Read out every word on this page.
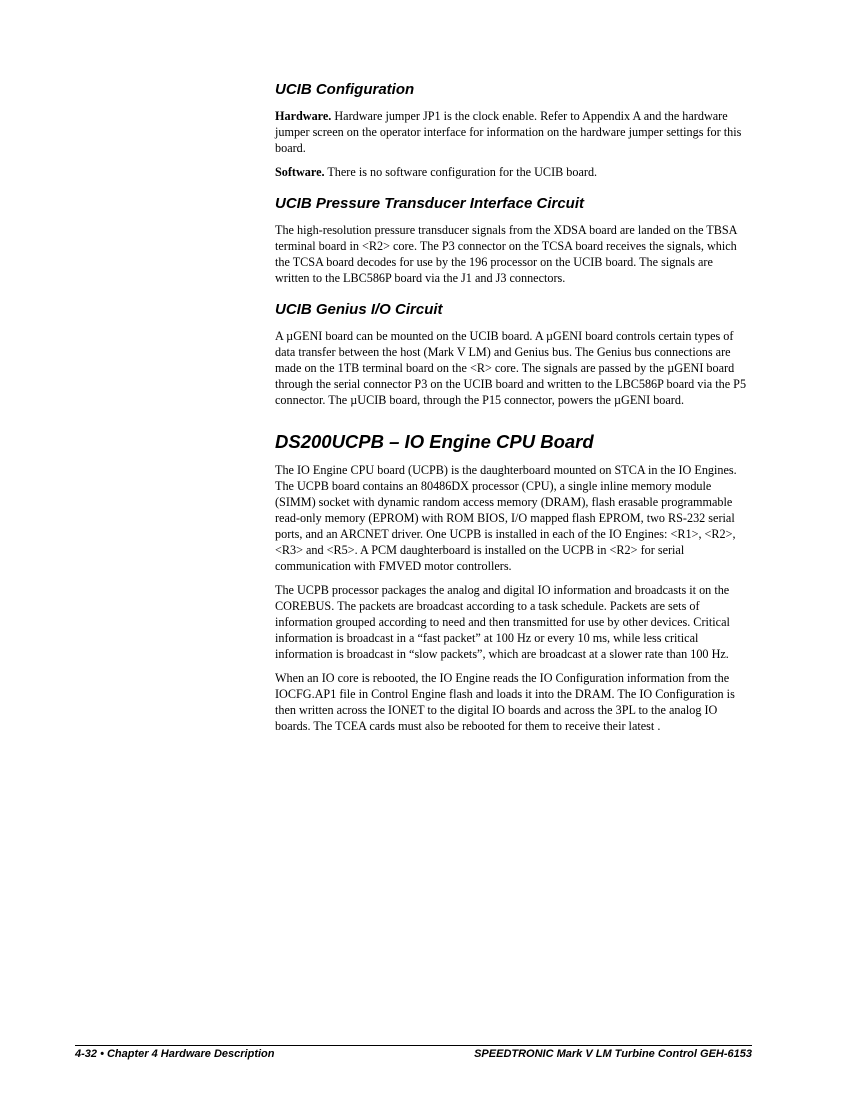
UCIB Configuration

Hardware. Hardware jumper JP1 is the clock enable. Refer to Appendix A and the hardware jumper screen on the operator interface for information on the hardware jumper settings for this board.

Software. There is no software configuration for the UCIB board.

UCIB Pressure Transducer Interface Circuit

The high-resolution pressure transducer signals from the XDSA board are landed on the TBSA terminal board in <R2> core. The P3 connector on the TCSA board receives the signals, which the TCSA board decodes for use by the 196 processor on the UCIB board. The signals are written to the LBC586P board via the J1 and J3 connectors.

UCIB Genius I/O Circuit

A µGENI board can be mounted on the UCIB board. A µGENI board controls certain types of data transfer between the host (Mark V LM) and Genius bus. The Genius bus connections are made on the 1TB terminal board on the <R> core. The signals are passed by the µGENI board through the serial connector P3 on the UCIB board and written to the LBC586P board via the P5 connector. The µUCIB board, through the P15 connector, powers the µGENI board.

DS200UCPB – IO Engine CPU Board

The IO Engine CPU board (UCPB) is the daughterboard mounted on STCA in the IO Engines. The UCPB board contains an 80486DX processor (CPU), a single inline memory module (SIMM) socket with dynamic random access memory (DRAM), flash erasable programmable read-only memory (EPROM) with ROM BIOS, I/O mapped flash EPROM, two RS-232 serial ports, and an ARCNET driver. One UCPB is installed in each of the IO Engines: <R1>, <R2>, <R3> and <R5>. A PCM daughterboard is installed on the UCPB in <R2> for serial communication with FMVED motor controllers.

The UCPB processor packages the analog and digital IO information and broadcasts it on the COREBUS. The packets are broadcast according to a task schedule. Packets are sets of information grouped according to need and then transmitted for use by other devices. Critical information is broadcast in a “fast packet” at 100 Hz or every 10 ms, while less critical information is broadcast in “slow packets”, which are broadcast at a slower rate than 100 Hz.

When an IO core is rebooted, the IO Engine reads the IO Configuration information from the IOCFG.AP1 file in Control Engine flash and loads it into the DRAM. The IO Configuration is then written across the IONET to the digital IO boards and across the 3PL to the analog IO boards. The TCEA cards must also be rebooted for them to receive their latest .

4-32 • Chapter 4 Hardware Description	SPEEDTRONIC Mark V LM Turbine Control GEH-6153
